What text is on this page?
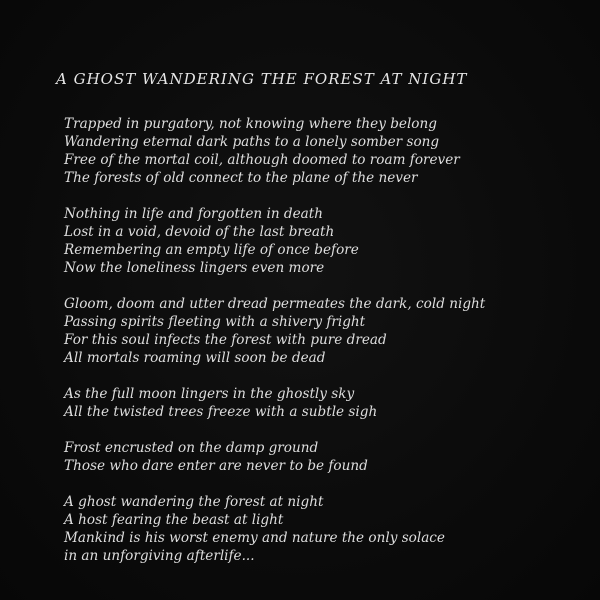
A GHOST WANDERING THE FOREST AT NIGHT
Trapped in purgatory, not knowing where they belong
Wandering eternal dark paths to a lonely somber song
Free of the mortal coil, although doomed to roam forever
The forests of old connect to the plane of the never
Nothing in life and forgotten in death
Lost in a void, devoid of the last breath
Remembering an empty life of once before
Now the loneliness lingers even more
Gloom, doom and utter dread permeates the dark, cold night
Passing spirits fleeting with a shivery fright
For this soul infects the forest with pure dread
All mortals roaming will soon be dead
As the full moon lingers in the ghostly sky
All the twisted trees freeze with a subtle sigh
Frost encrusted on the damp ground
Those who dare enter are never to be found
A ghost wandering the forest at night
A host fearing the beast at light
Mankind is his worst enemy and nature the only solace
in an unforgiving afterlife...
